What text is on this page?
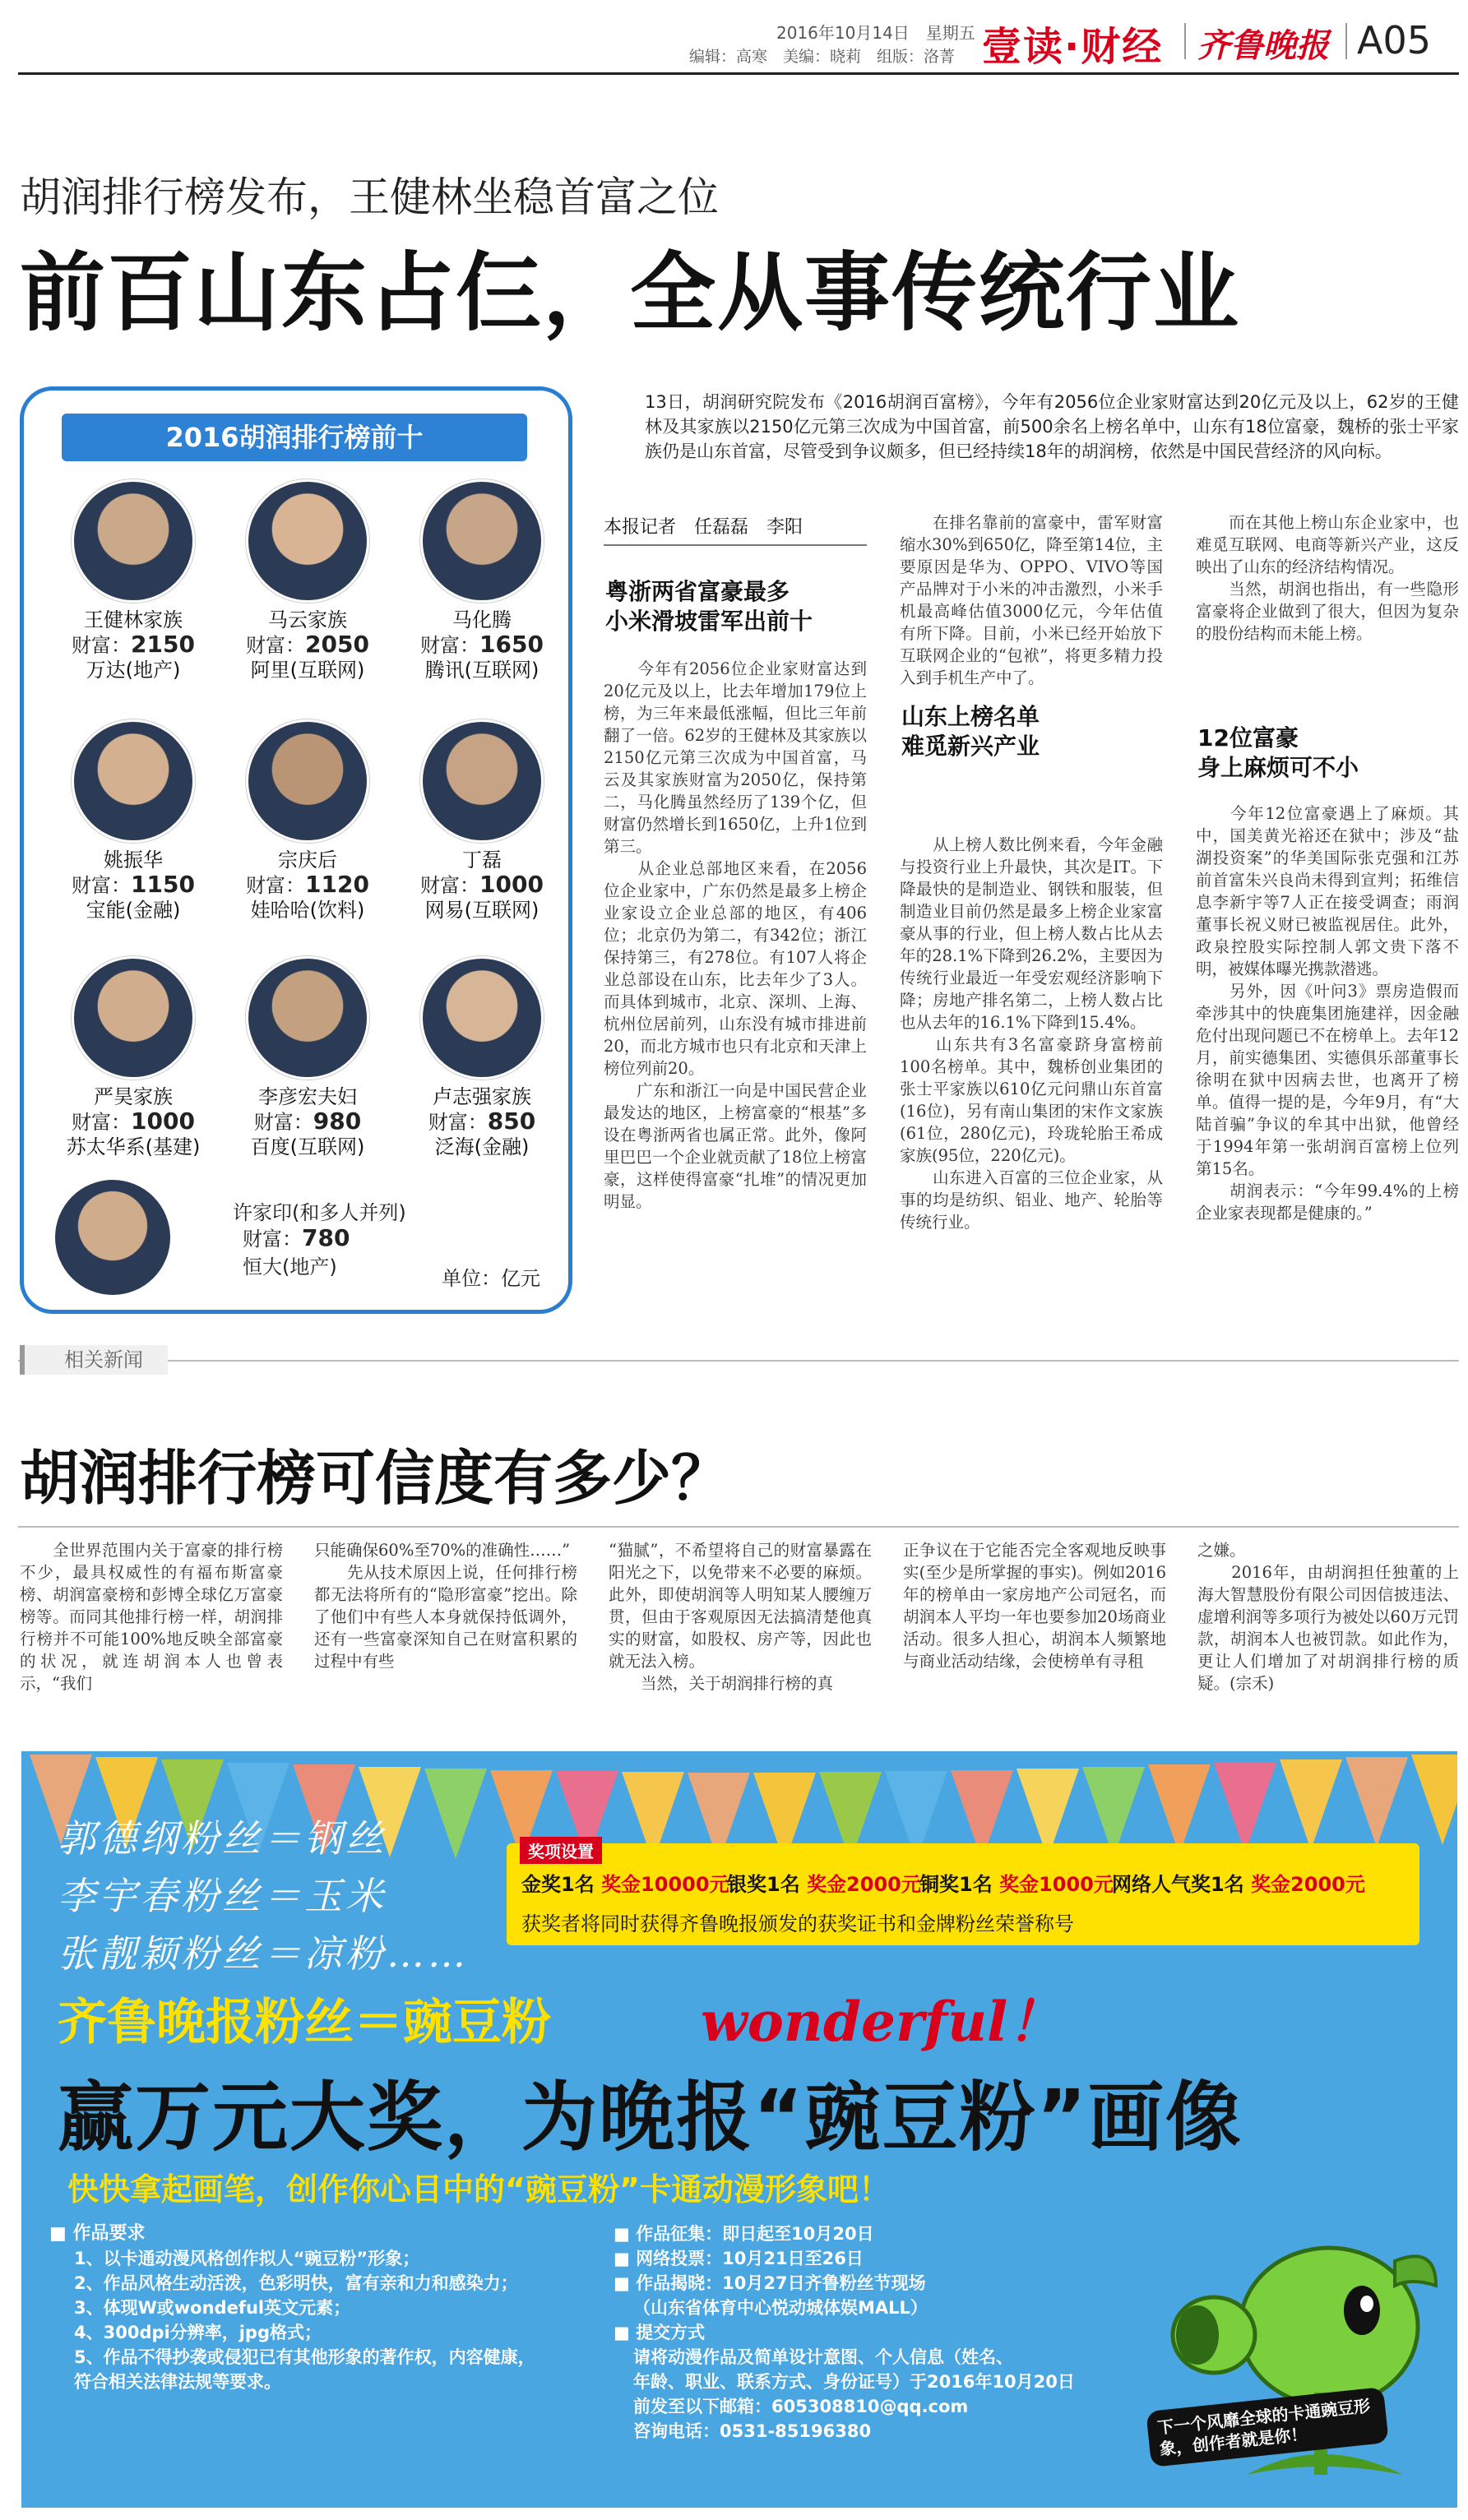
2016年10月14日　星期五
编辑：高寒　美编：晓莉　组版：洛菁 壹读·财经 齐鲁晚报 A05
胡润排行榜发布，王健林坐稳首富之位
前百山东占仨，全从事传统行业
2016胡润排行榜前十
王健林家族
财富：2150
万达(地产)
马云家族
财富：2050
阿里(互联网)
马化腾
财富：1650
腾讯(互联网)
姚振华
财富：1150
宝能(金融)
宗庆后
财富：1120
娃哈哈(饮料)
丁磊
财富：1000
网易(互联网)
严昊家族
财富：1000
苏太华系(基建)
李彦宏夫妇
财富：980
百度(互联网)
卢志强家族
财富：850
泛海(金融)
许家印(和多人并列)
财富：780
恒大(地产)	单位：亿元
13日，胡润研究院发布《2016胡润百富榜》，今年有2056位企业家财富达到20亿元及以上，62岁的王健林及其家族以2150亿元第三次成为中国首富，前500余名上榜名单中，山东有18位富豪，魏桥的张士平家族仍是山东首富，尽管受到争议颇多，但已经持续18年的胡润榜，依然是中国民营经济的风向标。
本报记者　任磊磊　李阳
粤浙两省富豪最多
小米滑坡雷军出前十
　　今年有2056位企业家财富达到20亿元及以上，比去年增加179位上榜，为三年来最低涨幅，但比三年前翻了一倍。62岁的王健林及其家族以2150亿元第三次成为中国首富，马云及其家族财富为2050亿，保持第二，马化腾虽然经历了139个亿，但财富仍然增长到1650亿，上升1位到第三。
　　从企业总部地区来看，在2056位企业家中，广东仍然是最多上榜企业家设立企业总部的地区，有406位；北京仍为第二，有342位；浙江保持第三，有278位。有107人将企业总部设在山东，比去年少了3人。而具体到城市，北京、深圳、上海、杭州位居前列，山东没有城市排进前20，而北方城市也只有北京和天津上榜位列前20。
　　广东和浙江一向是中国民营企业最发达的地区，上榜富豪的“根基”多设在粤浙两省也属正常。此外，像阿里巴巴一个企业就贡献了18位上榜富豪，这样使得富豪“扎堆”的情况更加明显。
　　在排名靠前的富豪中，雷军财富缩水30%到650亿，降至第14位，主要原因是华为、OPPO、VIVO等国产品牌对于小米的冲击激烈，小米手机最高峰估值3000亿元，今年估值有所下降。目前，小米已经开始放下互联网企业的“包袱”，将更多精力投入到手机生产中了。
山东上榜名单
难觅新兴产业
　　从上榜人数比例来看，今年金融与投资行业上升最快，其次是IT。下降最快的是制造业、钢铁和服装，但制造业目前仍然是最多上榜企业家富豪从事的行业，但上榜人数占比从去年的28.1%下降到26.2%，主要因为传统行业最近一年受宏观经济影响下降；房地产排名第二，上榜人数占比也从去年的16.1%下降到15.4%。
　　山东共有3名富豪跻身富榜前100名榜单。其中，魏桥创业集团的张士平家族以610亿元问鼎山东首富(16位)，另有南山集团的宋作文家族(61位，280亿元)，玲珑轮胎王希成家族(95位，220亿元)。
　　山东进入百富的三位企业家，从事的均是纺织、铝业、地产、轮胎等传统行业。
　　而在其他上榜山东企业家中，也难觅互联网、电商等新兴产业，这反映出了山东的经济结构情况。
　　当然，胡润也指出，有一些隐形富豪将企业做到了很大，但因为复杂的股份结构而未能上榜。
12位富豪
身上麻烦可不小
　　今年12位富豪遇上了麻烦。其中，国美黄光裕还在狱中；涉及“盐湖投资案”的华美国际张克强和江苏前首富朱兴良尚未得到宣判；拓维信息李新宇等7人正在接受调查；雨润董事长祝义财已被监视居住。此外，政泉控股实际控制人郭文贵下落不明，被媒体曝光携款潜逃。
　　另外，因《叶问3》票房造假而牵涉其中的快鹿集团施建祥，因金融危付出现问题已不在榜单上。去年12月，前实德集团、实德俱乐部董事长徐明在狱中因病去世，也离开了榜单。值得一提的是，今年9月，有“大陆首骗”争议的牟其中出狱，他曾经于1994年第一张胡润百富榜上位列第15名。
　　胡润表示：“今年99.4%的上榜企业家表现都是健康的。”
相关新闻
胡润排行榜可信度有多少？
　　全世界范围内关于富豪的排行榜不少，最具权威性的有福布斯富豪榜、胡润富豪榜和彭博全球亿万富豪榜等。而同其他排行榜一样，胡润排行榜并不可能100%地反映全部富豪的状况，就连胡润本人也曾表示，“我们
只能确保60%至70%的准确性……”
　　先从技术原因上说，任何排行榜都无法将所有的“隐形富豪”挖出。除了他们中有些人本身就保持低调外，还有一些富豪深知自己在财富积累的过程中有些
“猫腻”，不希望将自己的财富暴露在阳光之下，以免带来不必要的麻烦。此外，即使胡润等人明知某人腰缠万贯，但由于客观原因无法搞清楚他真实的财富，如股权、房产等，因此也就无法入榜。
　　当然，关于胡润排行榜的真
正争议在于它能否完全客观地反映事实(至少是所掌握的事实)。例如2016年的榜单由一家房地产公司冠名，而胡润本人平均一年也要参加20场商业活动。很多人担心，胡润本人频繁地与商业活动结缘，会使榜单有寻租
之嫌。
　　2016年，由胡润担任独董的上海大智慧股份有限公司因信披违法、虚增利润等多项行为被处以60万元罚款，胡润本人也被罚款。如此作为，更让人们增加了对胡润排行榜的质疑。(宗禾)
郭德纲粉丝＝钢丝
李宇春粉丝＝玉米
张靓颖粉丝＝凉粉……
奖项设置
金奖1名 奖金10000元
银奖1名 奖金2000元
铜奖1名 奖金1000元
网络人气奖1名 奖金2000元
获奖者将同时获得齐鲁晚报颁发的获奖证书和金牌粉丝荣誉称号
齐鲁晚报粉丝＝豌豆粉	wonderful！
赢万元大奖，为晚报“豌豆粉”画像
快快拿起画笔，创作你心目中的“豌豆粉”卡通动漫形象吧！
■ 作品要求
1、以卡通动漫风格创作拟人“豌豆粉”形象；
2、作品风格生动活泼，色彩明快，富有亲和力和感染力；
3、体现W或wondeful英文元素；
4、300dpi分辨率，jpg格式；
5、作品不得抄袭或侵犯已有其他形象的著作权，内容健康，
符合相关法律法规等要求。
■ 作品征集：即日起至10月20日
■ 网络投票：10月21日至26日
■ 作品揭晓：10月27日齐鲁粉丝节现场
（山东省体育中心悦动城体娱MALL）
■ 提交方式
请将动漫作品及简单设计意图、个人信息（姓名、
年龄、职业、联系方式、身份证号）于2016年10月20日
前发至以下邮箱：605308810@qq.com
咨询电话：0531-85196380	下一个风靡全球的卡通豌豆形象，创作者就是你！
